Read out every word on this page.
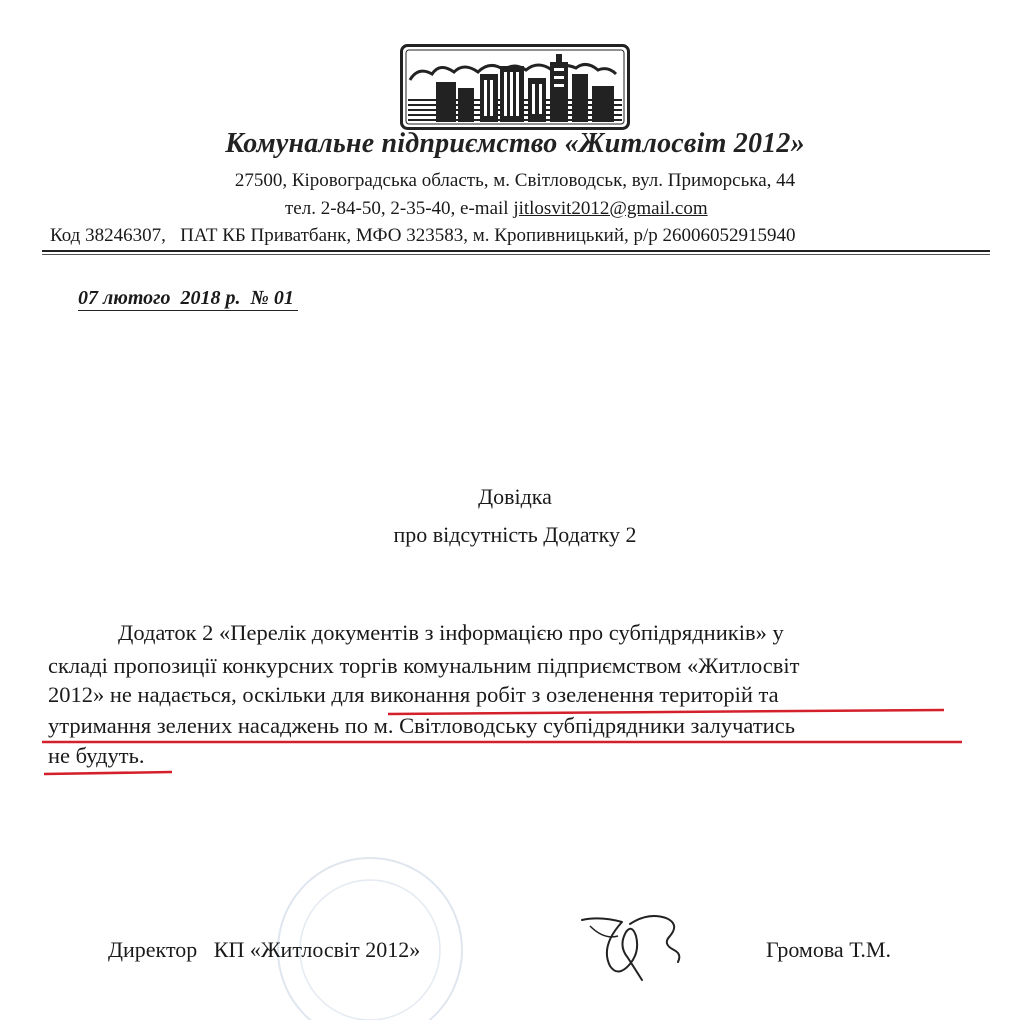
Комунальне підприємство «Житлосвіт 2012»
27500, Кіровоградська область, м. Світловодськ, вул. Приморська, 44
тел. 2-84-50, 2-35-40, e-mail jitlosvit2012@gmail.com
Код 38246307,   ПАТ КБ Приватбанк, МФО 323583, м. Кропивницький, р/р 26006052915940
07 лютого  2018 р.  № 01
Довідка
про відсутність Додатку 2
Додаток 2 «Перелік документів з інформацією про субпідрядників» у
складі пропозиції конкурсних торгів комунальним підприємством «Житлосвіт
2012» не надається, оскільки для виконання робіт з озеленення територій та
утримання зелених насаджень по м. Світловодську субпідрядники залучатись
не будуть.
Директор   КП «Житлосвіт 2012»	Громова Т.М.
